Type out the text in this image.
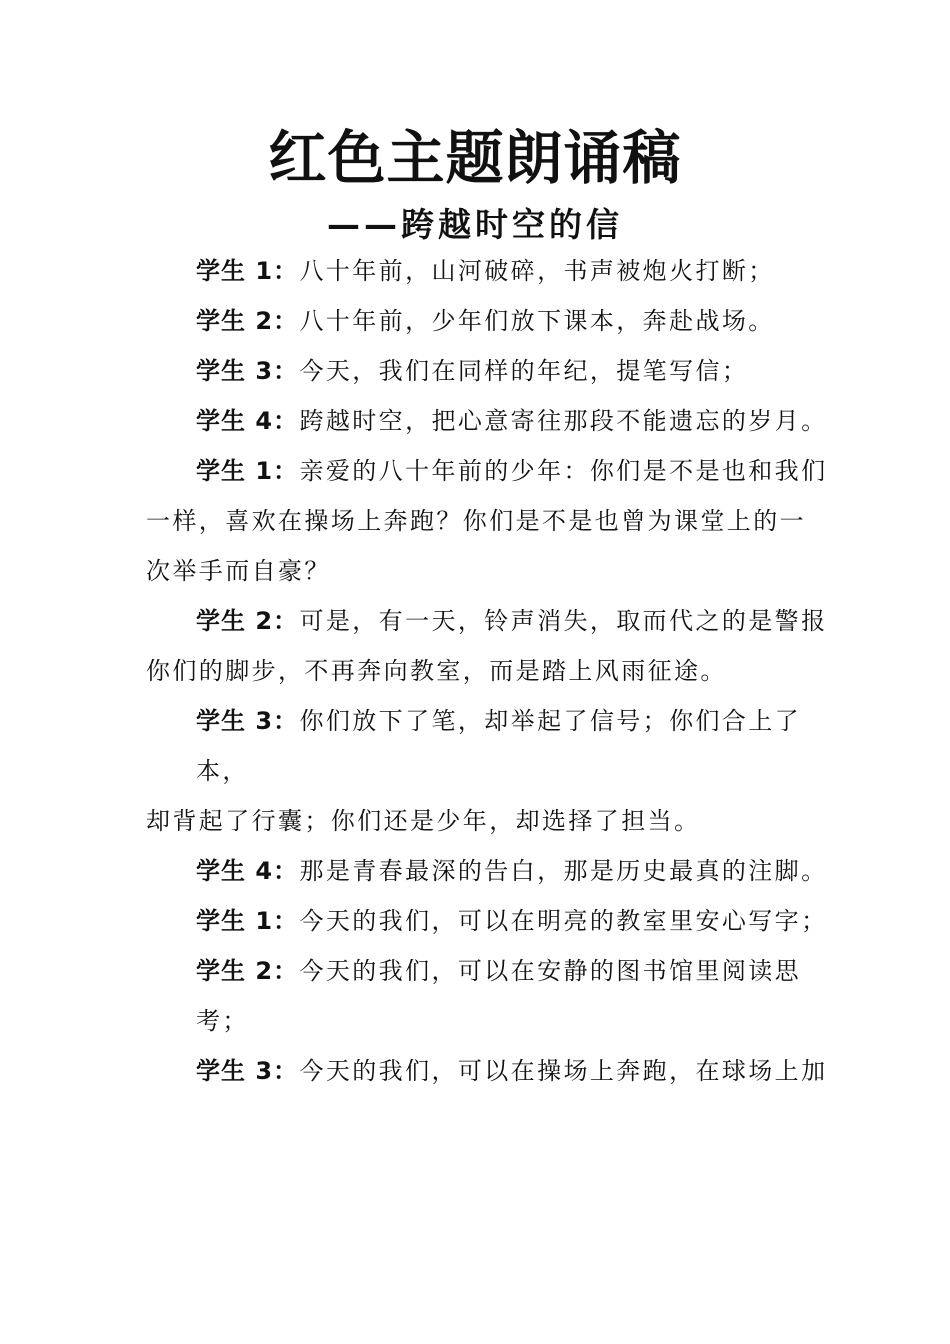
红色主题朗诵稿
——跨越时空的信
学生 1：八十年前，山河破碎，书声被炮火打断；
学生 2：八十年前，少年们放下课本，奔赴战场。
学生 3：今天，我们在同样的年纪，提笔写信；
学生 4：跨越时空，把心意寄往那段不能遗忘的岁月。
学生 1：亲爱的八十年前的少年：你们是不是也和我们
一样，喜欢在操场上奔跑？你们是不是也曾为课堂上的一
次举手而自豪？
学生 2：可是，有一天，铃声消失，取而代之的是警报
你们的脚步，不再奔向教室，而是踏上风雨征途。
学生 3：你们放下了笔，却举起了信号；你们合上了
本，
却背起了行囊；你们还是少年，却选择了担当。
学生 4：那是青春最深的告白，那是历史最真的注脚。
学生 1：今天的我们，可以在明亮的教室里安心写字；
学生 2：今天的我们，可以在安静的图书馆里阅读思
考；
学生 3：今天的我们，可以在操场上奔跑，在球场上加
